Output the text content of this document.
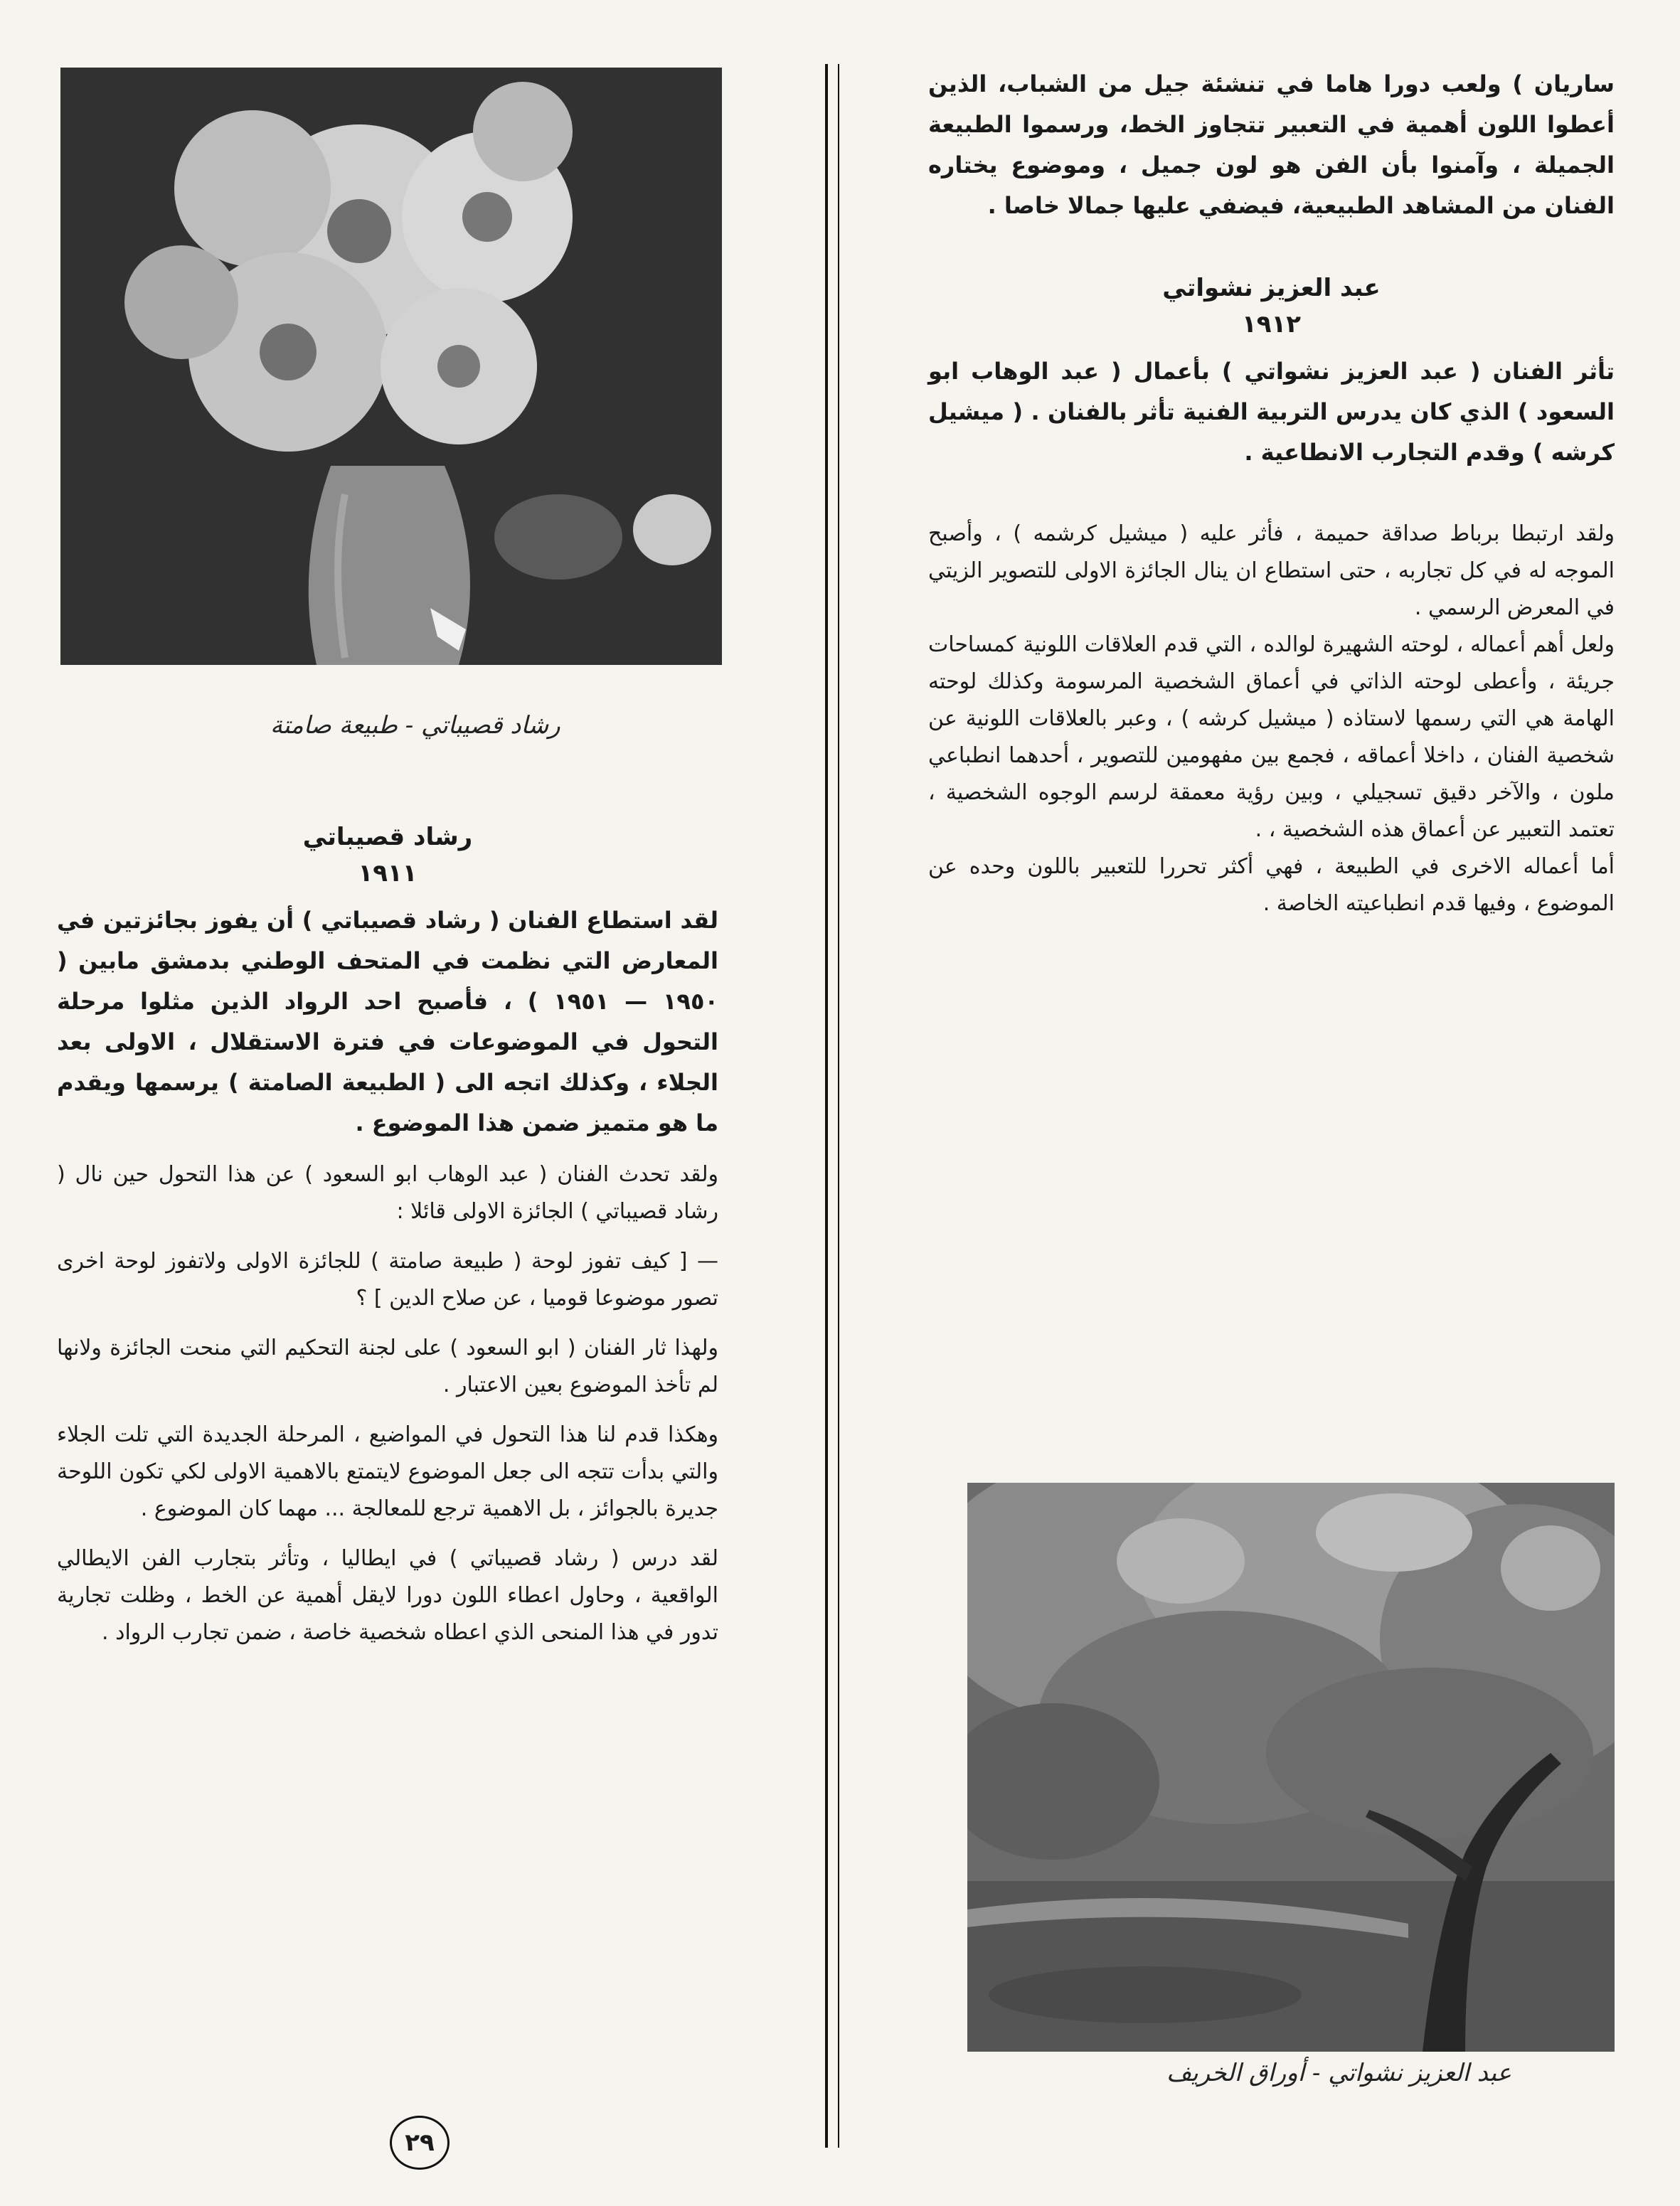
رشاد قصيباتي - طبيعة صامتة

ساريان ) ولعب دورا هاما في تنشئة جيل من الشباب، الذين أعطوا اللون أهمية في التعبير تتجاوز الخط، ورسموا الطبيعة الجميلة ، وآمنوا بأن الفن هو لون جميل ، وموضوع يختاره الفنان من المشاهد الطبيعية، فيضفي عليها جمالا خاصا .

عبد العزيز نشواتي
١٩١٢

تأثر الفنان ( عبد العزيز نشواتي ) بأعمال ( عبد الوهاب ابو السعود ) الذي كان يدرس التربية الفنية تأثر بالفنان . ( ميشيل كرشه ) وقدم التجارب الانطاعية .

ولقد ارتبطا برباط صداقة حميمة ، فأثر عليه ( ميشيل كرشمه ) ، وأصبح الموجه له في كل تجاربه ، حتى استطاع ان ينال الجائزة الاولى للتصوير الزيتي في المعرض الرسمي .

ولعل أهم أعماله ، لوحته الشهيرة لوالده ، التي قدم العلاقات اللونية كمساحات جريئة ، وأعطى لوحته الذاتي في أعماق الشخصية المرسومة وكذلك لوحته الهامة هي التي رسمها لاستاذه ( ميشيل كرشه ) ، وعبر بالعلاقات اللونية عن شخصية الفنان ، داخلا أعماقه ، فجمع بين مفهومين للتصوير ، أحدهما انطباعي ملون ، والآخر دقيق تسجيلي ، وبين رؤية معمقة لرسم الوجوه الشخصية ، تعتمد التعبير عن أعماق هذه الشخصية ، .

أما أعماله الاخرى في الطبيعة ، فهي أكثر تحررا للتعبير باللون وحده عن الموضوع ، وفيها قدم انطباعيته الخاصة .

رشاد قصيباتي
١٩١١

لقد استطاع الفنان ( رشاد قصيباتي ) أن يفوز بجائزتين في المعارض التي نظمت في المتحف الوطني بدمشق مابين ( ١٩٥٠ — ١٩٥١ ) ، فأصبح احد الرواد الذين مثلوا مرحلة التحول في الموضوعات في فترة الاستقلال ، الاولى بعد الجلاء ، وكذلك اتجه الى ( الطبيعة الصامتة ) يرسمها ويقدم ما هو متميز ضمن هذا الموضوع .

ولقد تحدث الفنان ( عبد الوهاب ابو السعود ) عن هذا التحول حين نال ( رشاد قصيباتي ) الجائزة الاولى قائلا :

— [ كيف تفوز لوحة ( طبيعة صامتة ) للجائزة الاولى ولاتفوز لوحة اخرى تصور موضوعا قوميا ، عن صلاح الدين ] ؟

ولهذا ثار الفنان ( ابو السعود ) على لجنة التحكيم التي منحت الجائزة ولانها لم تأخذ الموضوع بعين الاعتبار .

وهكذا قدم لنا هذا التحول في المواضيع ، المرحلة الجديدة التي تلت الجلاء والتي بدأت تتجه الى جعل الموضوع لايتمتع بالاهمية الاولى لكي تكون اللوحة جديرة بالجوائز ، بل الاهمية ترجع للمعالجة ... مهما كان الموضوع .

لقد درس ( رشاد قصيباتي ) في ايطاليا ، وتأثر بتجارب الفن الايطالي الواقعية ، وحاول اعطاء اللون دورا لايقل أهمية عن الخط ، وظلت تجارية تدور في هذا المنحى الذي اعطاه شخصية خاصة ، ضمن تجارب الرواد .

عبد العزيز نشواتي - أوراق الخريف
٢٩
